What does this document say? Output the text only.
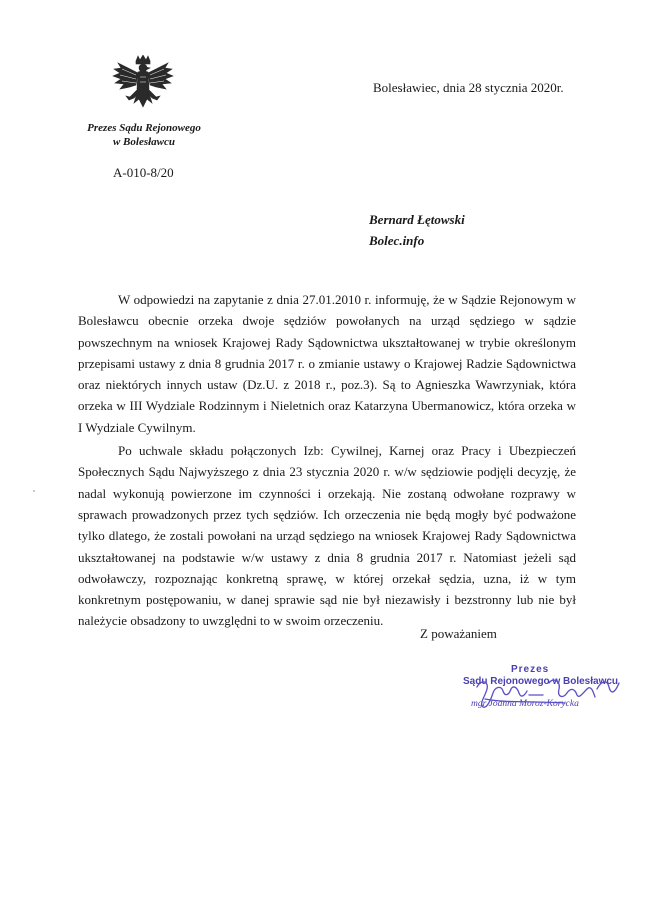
Prezes Sądu Rejonowego
w Bolesławcu
Bolesławiec, dnia 28 stycznia 2020r.
A-010-8/20
Bernard Łętowski
Bolec.info

W odpowiedzi na zapytanie z dnia 27.01.2010 r. informuję, że w Sądzie Rejonowym w Bolesławcu obecnie orzeka dwoje sędziów powołanych na urząd sędziego w sądzie powszechnym na wniosek Krajowej Rady Sądownictwa ukształtowanej w trybie określonym przepisami ustawy z dnia 8 grudnia 2017 r. o zmianie ustawy o Krajowej Radzie Sądownictwa oraz niektórych innych ustaw (Dz.U. z 2018 r., poz.3). Są to Agnieszka Wawrzyniak, która orzeka w III Wydziale Rodzinnym i Nieletnich oraz Katarzyna Ubermanowicz, która orzeka w I Wydziale Cywilnym.

Po uchwale składu połączonych Izb: Cywilnej, Karnej oraz Pracy i Ubezpieczeń Społecznych Sądu Najwyższego z dnia 23 stycznia 2020 r. w/w sędziowie podjęli decyzję, że nadal wykonują powierzone im czynności i orzekają. Nie zostaną odwołane rozprawy w sprawach prowadzonych przez tych sędziów. Ich orzeczenia nie będą mogły być podważone tylko dlatego, że zostali powołani na urząd sędziego na wniosek Krajowej Rady Sądownictwa ukształtowanej na podstawie w/w ustawy z dnia 8 grudnia 2017 r. Natomiast jeżeli sąd odwoławczy, rozpoznając konkretną sprawę, w której orzekał sędzia, uzna, iż w tym konkretnym postępowaniu, w danej sprawie sąd nie był niezawisły i bezstronny lub nie był należycie obsadzony to uwzględni to w swoim orzeczeniu.

Z poważaniem
Prezes
Sądu Rejonowego w Bolesławcu
mgr Joanna Moroz-Korycka
